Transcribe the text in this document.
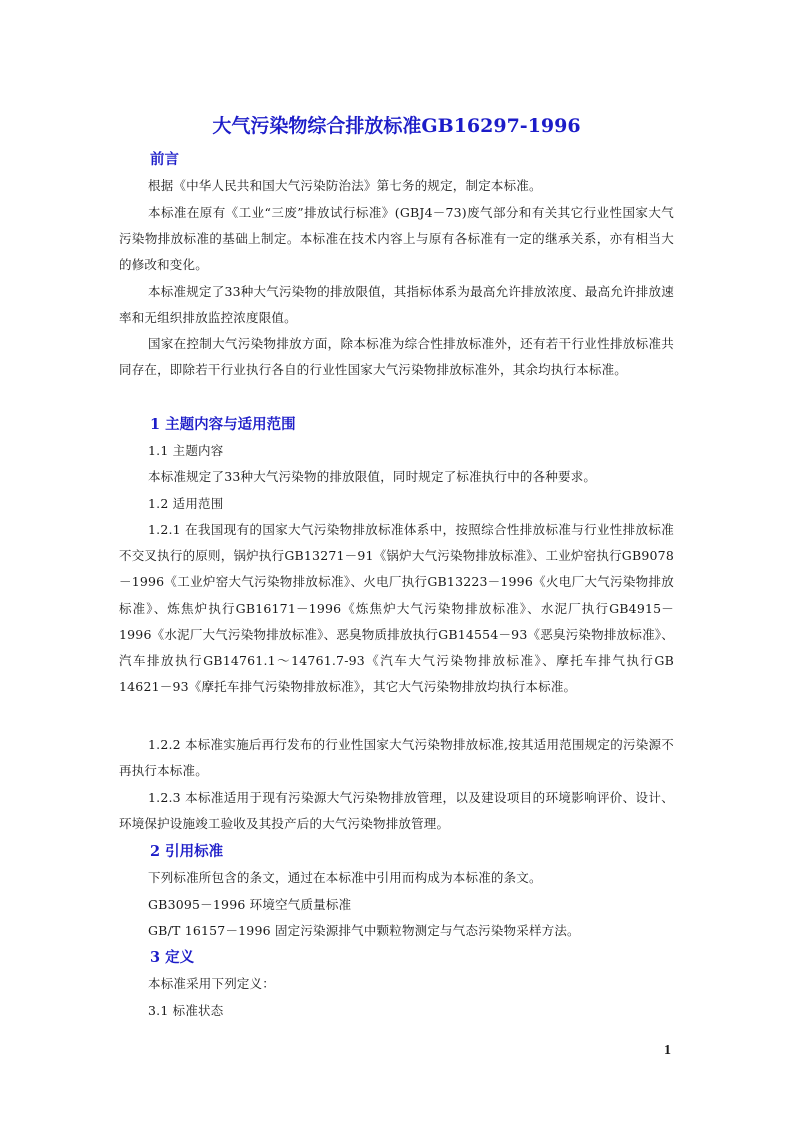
大气污染物综合排放标准GB16297-1996
前言
根据《中华人民共和国大气污染防治法》第七务的规定，制定本标准。
本标准在原有《工业“三废”排放试行标准》(GBJ4－73)废气部分和有关其它行业性国家大气污染物排放标准的基础上制定。本标准在技术内容上与原有各标准有一定的继承关系，亦有相当大的修改和变化。
本标准规定了33种大气污染物的排放限值，其指标体系为最高允许排放浓度、最高允许排放速率和无组织排放监控浓度限值。
国家在控制大气污染物排放方面，除本标准为综合性排放标准外，还有若干行业性排放标准共同存在，即除若干行业执行各自的行业性国家大气污染物排放标准外，其余均执行本标准。
1 主题内容与适用范围
1.1 主题内容
本标准规定了33种大气污染物的排放限值，同时规定了标准执行中的各种要求。
1.2 适用范围
1.2.1 在我国现有的国家大气污染物排放标准体系中，按照综合性排放标准与行业性排放标准不交叉执行的原则，锅炉执行GB13271－91《锅炉大气污染物排放标准》、工业炉窑执行GB9078－1996《工业炉窑大气污染物排放标准》、火电厂执行GB13223－1996《火电厂大气污染物排放标准》、炼焦炉执行GB16171－1996《炼焦炉大气污染物排放标准》、水泥厂执行GB4915－1996《水泥厂大气污染物排放标准》、恶臭物质排放执行GB14554－93《恶臭污染物排放标准》、汽车排放执行GB14761.1～14761.7-93《汽车大气污染物排放标准》、摩托车排气执行GB 14621－93《摩托车排气污染物排放标准》，其它大气污染物排放均执行本标准。
1.2.2 本标准实施后再行发布的行业性国家大气污染物排放标准,按其适用范围规定的污染源不再执行本标准。
1.2.3 本标准适用于现有污染源大气污染物排放管理，以及建设项目的环境影响评价、设计、环境保护设施竣工验收及其投产后的大气污染物排放管理。
2 引用标准
下列标准所包含的条文，通过在本标准中引用而构成为本标准的条文。
GB3095－1996 环境空气质量标准
GB/T 16157－1996 固定污染源排气中颗粒物测定与气态污染物采样方法。
3 定义
本标准采用下列定义：
3.1 标准状态
1
